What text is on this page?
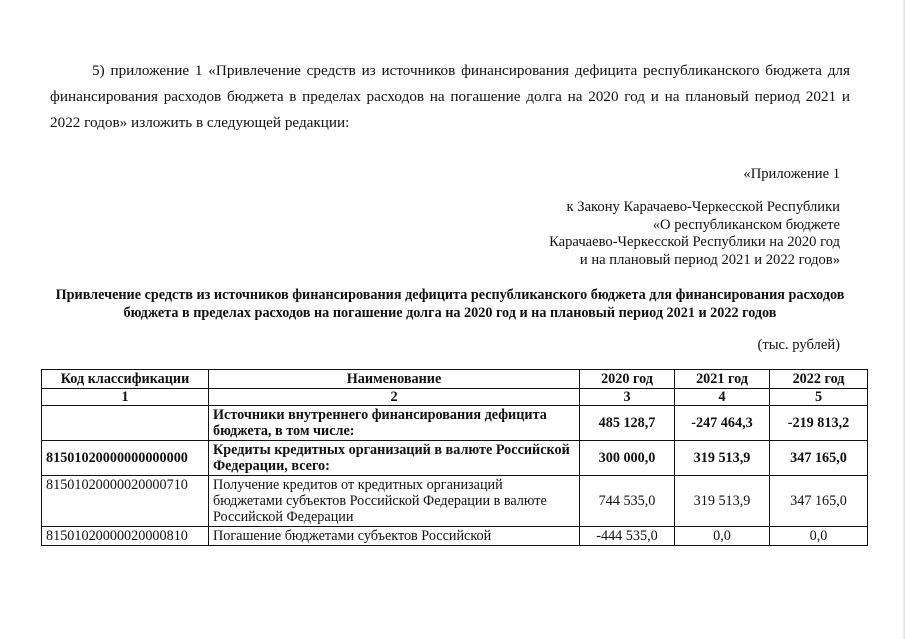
5) приложение 1 «Привлечение средств из источников финансирования дефицита республиканского бюджета для финансирования расходов бюджета в пределах расходов на погашение долга на 2020 год и на плановый период 2021 и 2022 годов» изложить в следующей редакции:
«Приложение 1
к Закону Карачаево-Черкесской Республики
«О республиканском бюджете
Карачаево-Черкесской Республики на 2020 год
и на плановый период 2021 и 2022 годов»
Привлечение средств из источников финансирования дефицита республиканского бюджета для финансирования расходов бюджета в пределах расходов на погашение долга на 2020 год и на плановый период 2021 и 2022 годов
(тыс. рублей)
Код классификации	Наименование	2020 год	2021 год	2022 год
1	2	3	4	5
	Источники внутреннего финансирования дефицита бюджета, в том числе:	485 128,7	-247 464,3	-219 813,2
81501020000000000000	Кредиты кредитных организаций в валюте Российской Федерации, всего:	300 000,0	319 513,9	347 165,0
81501020000020000710	Получение кредитов от кредитных организаций бюджетами субъектов Российской Федерации в валюте Российской Федерации	744 535,0	319 513,9	347 165,0
81501020000020000810	Погашение бюджетами субъектов Российской	-444 535,0	0,0	0,0
